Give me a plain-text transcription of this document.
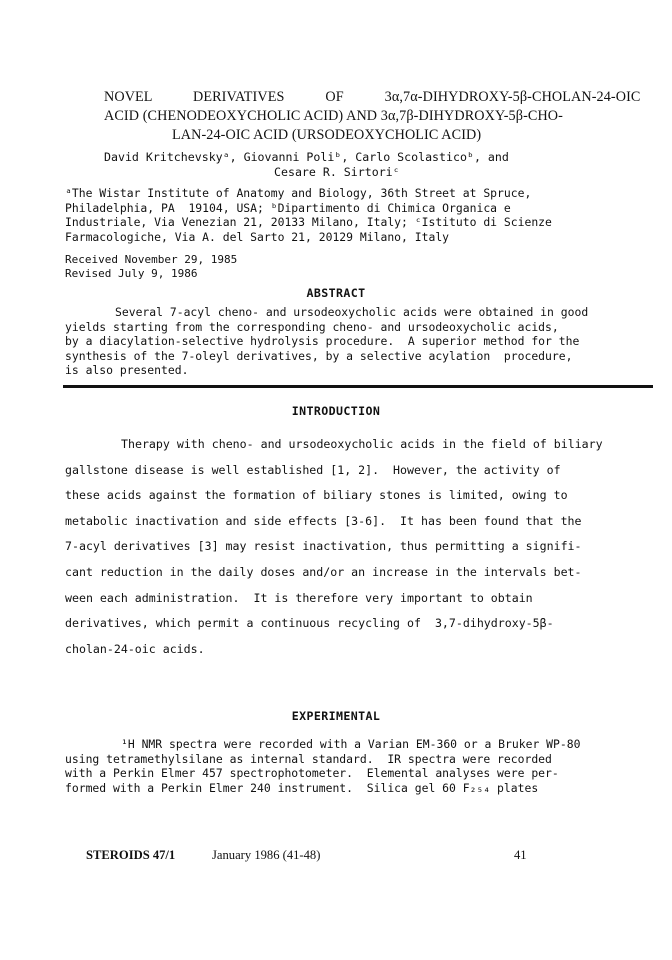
NOVEL   DERIVATIVES   OF   3α,7α-DIHYDROXY-5β-CHOLAN-24-OIC
ACID (CHENODEOXYCHOLIC ACID) AND 3α,7β-DIHYDROXY-5β-CHO-
LAN-24-OIC ACID (URSODEOXYCHOLIC ACID)
David Kritchevskyᵃ, Giovanni Poliᵇ, Carlo Scolasticoᵇ, and
Cesare R. Sirtoriᶜ
ᵃThe Wistar Institute of Anatomy and Biology, 36th Street at Spruce,
Philadelphia, PA  19104, USA; ᵇDipartimento di Chimica Organica e
Industriale, Via Venezian 21, 20133 Milano, Italy; ᶜIstituto di Scienze
Farmacologiche, Via A. del Sarto 21, 20129 Milano, Italy
Received November 29, 1985
Revised July 9, 1986
ABSTRACT
Several 7-acyl cheno- and ursodeoxycholic acids were obtained in good
yields starting from the corresponding cheno- and ursodeoxycholic acids,
by a diacylation-selective hydrolysis procedure.  A superior method for the
synthesis of the 7-oleyl derivatives, by a selective acylation  procedure,
is also presented.
INTRODUCTION
Therapy with cheno- and ursodeoxycholic acids in the field of biliary
gallstone disease is well established [1, 2].  However, the activity of
these acids against the formation of biliary stones is limited, owing to
metabolic inactivation and side effects [3-6].  It has been found that the
7-acyl derivatives [3] may resist inactivation, thus permitting a signifi-
cant reduction in the daily doses and/or an increase in the intervals bet-
ween each administration.  It is therefore very important to obtain
derivatives, which permit a continuous recycling of  3,7-dihydroxy-5β-
cholan-24-oic acids.
EXPERIMENTAL
¹H NMR spectra were recorded with a Varian EM-360 or a Bruker WP-80
using tetramethylsilane as internal standard.  IR spectra were recorded
with a Perkin Elmer 457 spectrophotometer.  Elemental analyses were per-
formed with a Perkin Elmer 240 instrument.  Silica gel 60 F₂₅₄ plates
STEROIDS 47/1	January 1986 (41-48)	41
